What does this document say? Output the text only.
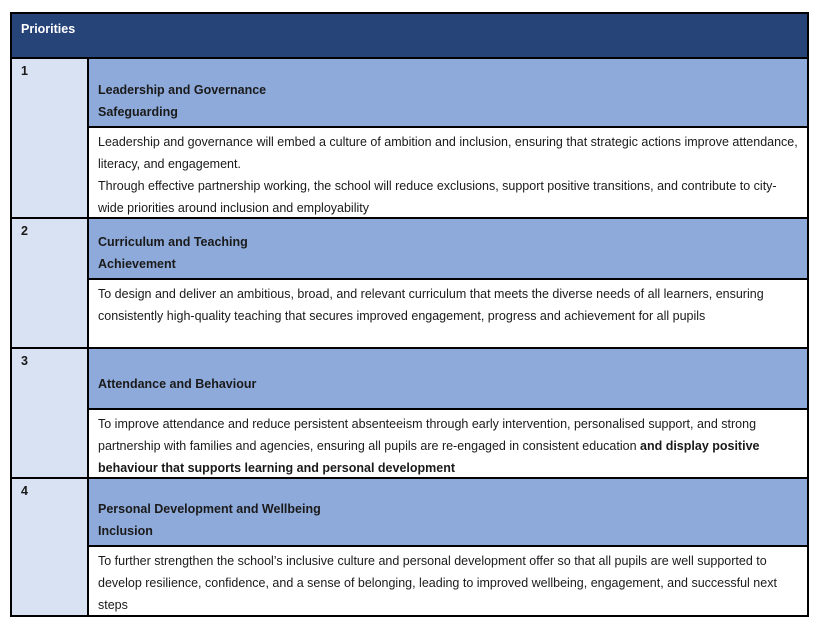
Priorities
1
Leadership and Governance
Safeguarding
Leadership and governance will embed a culture of ambition and inclusion, ensuring that strategic actions improve attendance, literacy, and engagement.
Through effective partnership working, the school will reduce exclusions, support positive transitions, and contribute to city-wide priorities around inclusion and employability
2
Curriculum and Teaching
Achievement
To design and deliver an ambitious, broad, and relevant curriculum that meets the diverse needs of all learners, ensuring consistently high-quality teaching that secures improved engagement, progress and achievement for all pupils
3
Attendance and Behaviour
To improve attendance and reduce persistent absenteeism through early intervention, personalised support, and strong partnership with families and agencies, ensuring all pupils are re-engaged in consistent education and display positive behaviour that supports learning and personal development
4
Personal Development and Wellbeing
Inclusion
To further strengthen the school’s inclusive culture and personal development offer so that all pupils are well supported to develop resilience, confidence, and a sense of belonging, leading to improved wellbeing, engagement, and successful next steps
